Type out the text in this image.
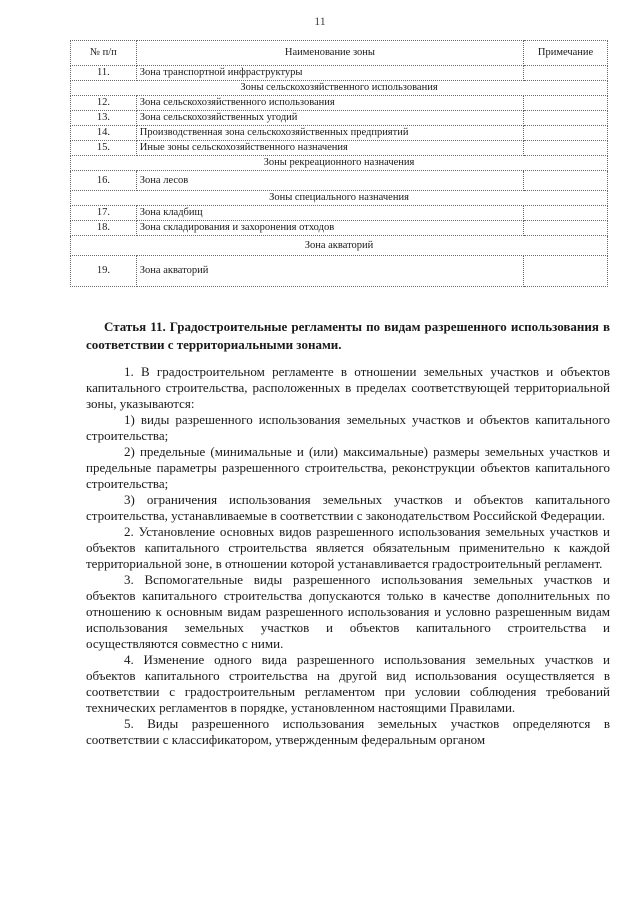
11
№ п/п	Наименование зоны	Примечание
11.	Зона транспортной инфраструктуры	
Зоны сельскохозяйственного использования		
12.	Зона сельскохозяйственного использования	
13.	Зона сельскохозяйственных угодий	
14.	Производственная зона сельскохозяйственных предприятий	
15.	Иные зоны сельскохозяйственного назначения	
Зоны рекреационного назначения		
16.	Зона лесов	
Зоны специального назначения		
17.	Зона кладбищ	
18.	Зона складирования и захоронения отходов	
Зона акваторий		
19.	Зона акваторий	
Статья 11. Градостроительные регламенты по видам разрешенного использования в соответствии с территориальными зонами.

1. В градостроительном регламенте в отношении земельных участков и объектов капитального строительства, расположенных в пределах соответствующей территориальной зоны, указываются:

1) виды разрешенного использования земельных участков и объектов капитального строительства;

2) предельные (минимальные и (или) максимальные) размеры земельных участков и предельные параметры разрешенного строительства, реконструкции объектов капитального строительства;

3) ограничения использования земельных участков и объектов капитального строительства, устанавливаемые в соответствии с законодательством Российской Федерации.

2. Установление основных видов разрешенного использования земельных участков и объектов капитального строительства является обязательным применительно к каждой территориальной зоне, в отношении которой устанавливается градостроительный регламент.

3. Вспомогательные виды разрешенного использования земельных участков и объектов капитального строительства допускаются только в качестве дополнительных по отношению к основным видам разрешенного использования и условно разрешенным видам использования земельных участков и объектов капитального строительства и осуществляются совместно с ними.

4. Изменение одного вида разрешенного использования земельных участков и объектов капитального строительства на другой вид использования осуществляется в соответствии с градостроительным регламентом при условии соблюдения требований технических регламентов в порядке, установленном настоящими Правилами.

5. Виды разрешенного использования земельных участков определяются в соответствии с классификатором, утвержденным федеральным органом
